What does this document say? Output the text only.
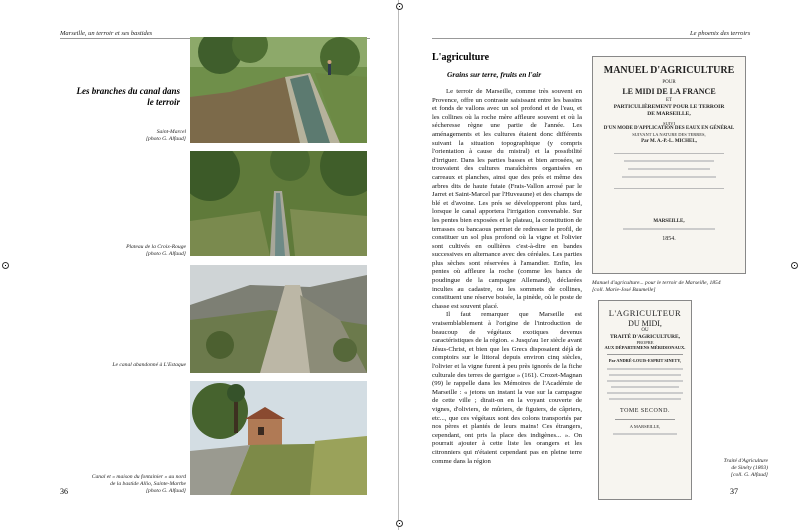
Marseille, un terroir et ses bastides
Les branches du canal dans le terroir
Saint-Marcel
[photo G. Alfaud]
Plateau de la Croix-Rouge
[photo G. Alfaud]
Le canal abandonné à L'Estaque
Canal et « maison du fontainier » au nord
de la bastide Allio, Sainte-Marthe
[photo G. Alfaud]
36
Le phoenix des terroirs
L'agriculture
Grains sur terre, fruits en l'air

Le terroir de Marseille, comme très souvent en Provence, offre un contraste saisissant entre les bassins et fonds de vallons avec un sol profond et de l'eau, et les collines où la roche mère affleure souvent et où la sécheresse règne une partie de l'année. Les aménagements et les cultures étaient donc différents suivant la situation topographique (y compris l'orientation à cause du mistral) et la possibilité d'irriguer. Dans les parties basses et bien arrosées, se trouvaient des cultures maraîchères organisées en carreaux et planches, ainsi que des prés et même des arbres dits de haute futaie (Frais-Vallon arrosé par le Jarret et Saint-Marcel par l'Huveaune) et des champs de blé et d'avoine. Les prés se développeront plus tard, lorsque le canal apportera l'irrigation convenable. Sur les pentes bien exposées et le plateau, la constitution de terrasses ou bancaous permet de redresser le profil, de constituer un sol plus profond où la vigne et l'olivier sont cultivés en oullières c'est-à-dire en bandes successives en alternance avec des céréales. Les parties plus sèches sont réservées à l'amandier. Enfin, les pentes où affleure la roche (comme les bancs de poudingue de la campagne Allemand), déclarées incultes au cadastre, ou les sommets de collines, constituent une réserve boisée, la pinède, où le poste de chasse est souvent placé.

Il faut remarquer que Marseille est vraisemblablement à l'origine de l'introduction de beaucoup de végétaux exotiques devenus caractéristiques de la région. « Jusqu'au 1er siècle avant Jésus-Christ, et bien que les Grecs disposaient déjà de comptoirs sur le littoral depuis environ cinq siècles, l'olivier et la vigne furent à peu près ignorés de la fiche culturale des terres de garrigue » (161). Crozet-Magnan (99) le rappelle dans les Mémoires de l'Académie de Marseille : « jetons un instant la vue sur la campagne de cette ville ; dirait-on en la voyant couverte de vignes, d'oliviers, de mûriers, de figuiers, de câpriers, etc..., que ces végétaux sont des colons transportés par nos pères et plantés de leurs mains! Ces étrangers, cependant, ont pris la place des indigènes... ». On pourrait ajouter à cette liste les orangers et les citronniers qui n'étaient cependant pas en pleine terre comme dans la région

MANUEL D'AGRICULTURE
POUR
LE MIDI DE LA FRANCE
ET
PARTICULIÈREMENT POUR LE TERROIR
DE MARSEILLE,
SUIVI
D'UN MODE D'APPLICATION DES EAUX EN GÉNÉRAL
SUIVANT LA NATURE DES TERRES,
Par M. A.-P.-L. MICHEL,
MARSEILLE,
1854.
Manuel d'agriculture... pour le terroir de Marseille, 1854
[coll. Marie-José Baumelle]
L'AGRICULTEUR
DU MIDI,
OU
TRAITÉ D'AGRICULTURE,
PROPRE
AUX DÉPARTEMENS MÉRIDIONAUX.
Par ANDRÉ-LOUIS-ESPRIT SINETY,
TOME SECOND.
A MARSEILLE,
Traité d'Agriculture
de Sinéty (1803)
[coll. G. Alfaud]
37
